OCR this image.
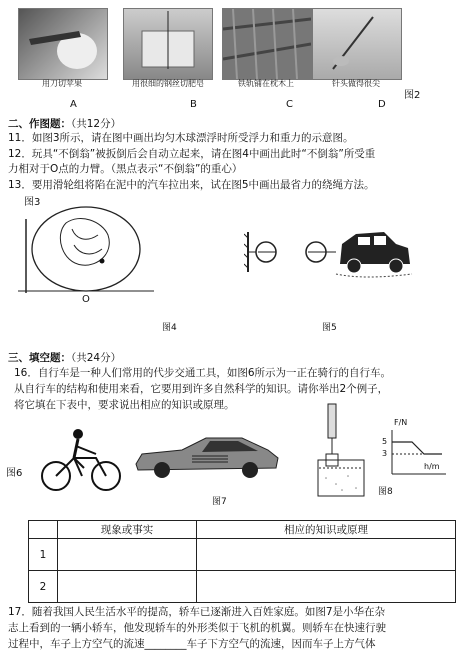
用刀切苹果	用很细的钢丝切肥皂	铁轨铺在枕木上	针头做得很尖
图2
A	B	C	D
二、作图题：（共12分）
11．如图3所示，请在图中画出均匀木球漂浮时所受浮力和重力的示意图。
12．玩具“不倒翁”被扳倒后会自动立起来，请在图4中画出此时“不倒翁”所受重
力相对于O点的力臂。（黑点表示“不倒翁”的重心）
13．要用滑轮组将陷在泥中的汽车拉出来，试在图5中画出最省力的绕绳方法。
图3
O
图4	图5
三、填空题：（共24分）
16．自行车是一种人们常用的代步交通工具，如图6所示为一正在骑行的自行车。
从自行车的结构和使用来看，它要用到许多自然科学的知识。请你举出2个例子，
将它填在下表中，要求说出相应的知识或原理。
图6
图7
F/N
h/m
5
3
图8
	现象或事实	相应的知识或原理
1		
2		
17．随着我国人民生活水平的提高，轿车已逐渐进入百姓家庭。如图7是小华在杂
志上看到的一辆小轿车，他发现轿车的外形类似于飞机的机翼。则轿车在快速行驶
过程中，车子上方空气的流速________车子下方空气的流速，因而车子上方气体
